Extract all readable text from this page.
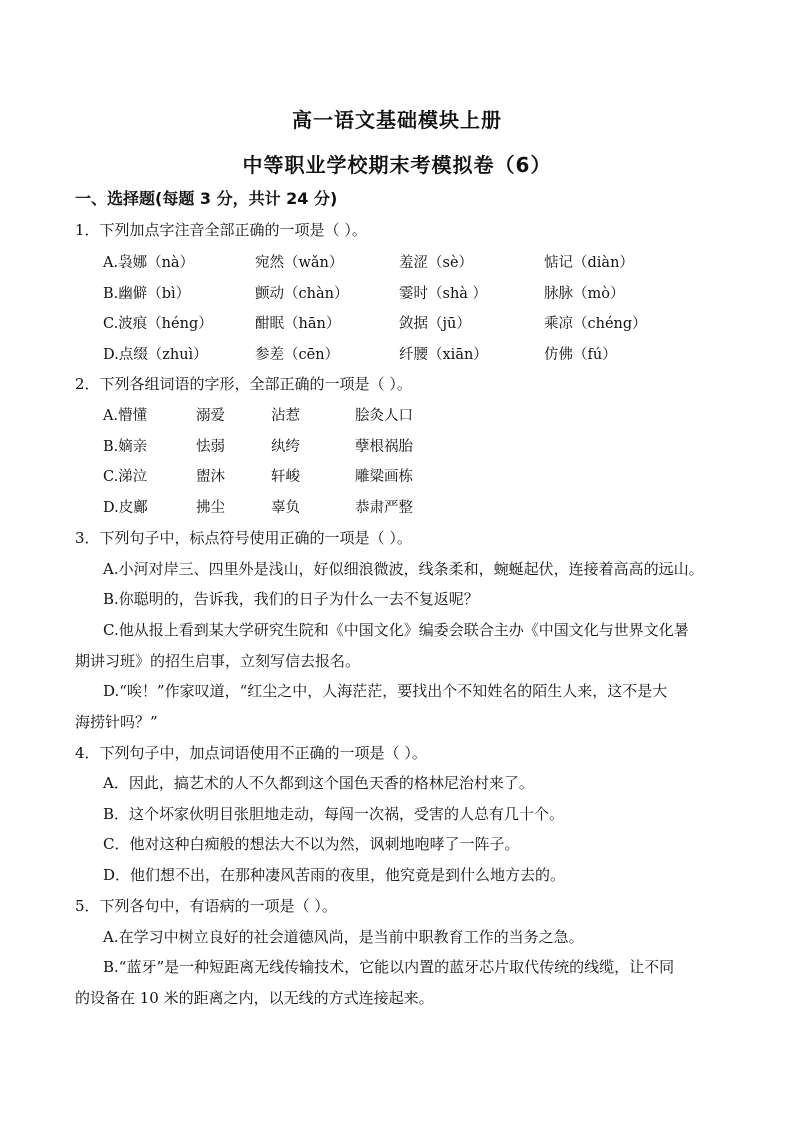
高一语文基础模块上册
中等职业学校期末考模拟卷（6）
一、选择题(每题 3 分，共计 24 分)
1．下列加点字注音全部正确的一项是（ ）。
A.袅娜（nà）	宛然（wǎn）	羞涩（sè）	惦记（diàn）
B.幽僻（bì）	颤动（chàn）	霎时（shà ）	脉脉（mò）
C.波痕（héng）	酣眠（hān）	敛据（jū）	乘凉（chéng）
D.点缀（zhuì）	参差（cēn）	纤腰（xiān）	仿佛（fú）
2．下列各组词语的字形，全部正确的一项是（ ）。
A.懵懂	溺爱	沾惹	脍灸人口
B.嫡亲	怯弱	纨绔	孽根祸胎
C.涕泣	盥沐	轩峻	雕粱画栋
D.皮鄺	拂尘	辜负	恭肃严整
3．下列句子中，标点符号使用正确的一项是（ ）。
A.小河对岸三、四里外是浅山，好似细浪微波，线条柔和，蜿蜒起伏，连接着高高的远山。
B.你聪明的，告诉我，我们的日子为什么一去不复返呢？
C.他从报上看到某大学研究生院和《中国文化》编委会联合主办《中国文化与世界文化暑
期讲习班》的招生启事，立刻写信去报名。
D.“唉！”作家叹道，“红尘之中，人海茫茫，要找出个不知姓名的陌生人来，这不是大
海捞针吗？”
4．下列句子中，加点词语使用不正确的一项是（ ）。
A．因此，搞艺术的人不久都到这个国色天香的格林尼治村来了。
B．这个坏家伙明目张胆地走动，每闯一次祸，受害的人总有几十个。
C．他对这种白痴般的想法大不以为然，讽刺地咆哮了一阵子。
D．他们想不出，在那种凄风苦雨的夜里，他究竟是到什么地方去的。
5．下列各句中，有语病的一项是（ ）。
A.在学习中树立良好的社会道德风尚，是当前中职教育工作的当务之急。
B.“蓝牙”是一种短距离无线传输技术，它能以内置的蓝牙芯片取代传统的线缆，让不同
的设备在 10 米的距离之内，以无线的方式连接起来。
